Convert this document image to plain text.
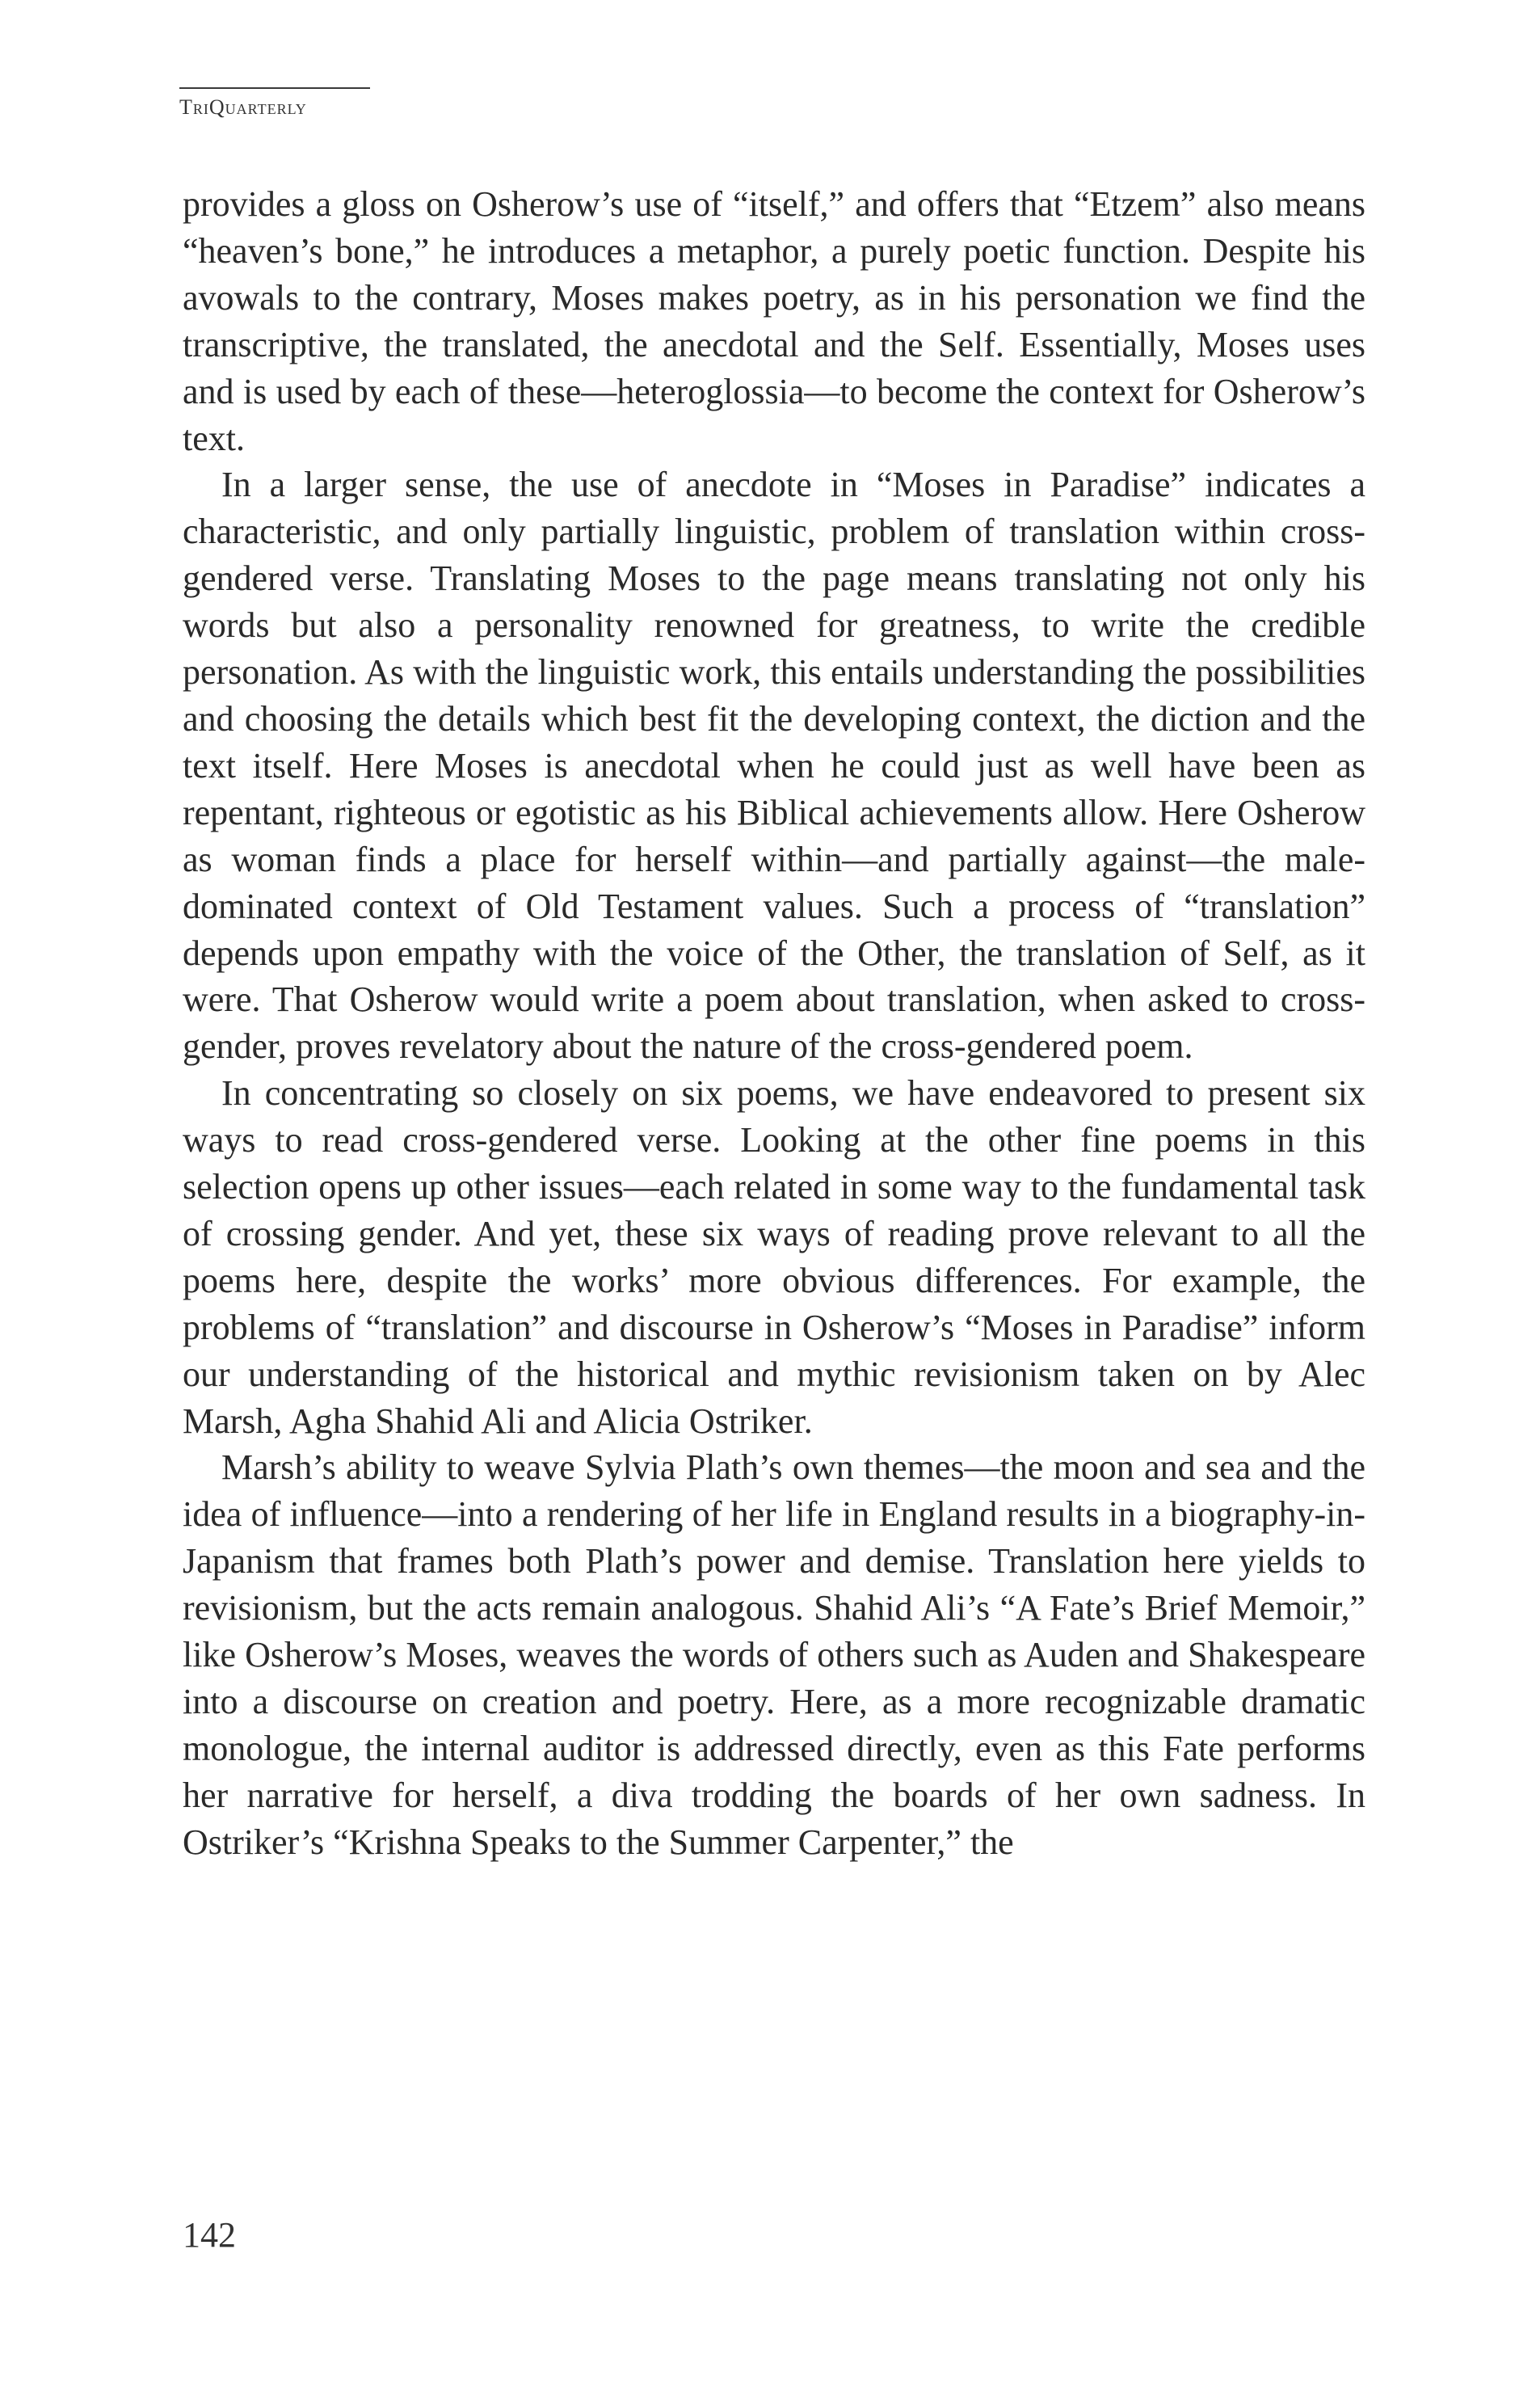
TriQuarterly

provides a gloss on Osherow’s use of “itself,” and offers that “Etzem” also means “heaven’s bone,” he introduces a metaphor, a purely poetic function. Despite his avowals to the contrary, Moses makes poetry, as in his personation we find the transcriptive, the translated, the anecdotal and the Self. Essentially, Moses uses and is used by each of these—heteroglossia—to become the context for Osherow’s text.

In a larger sense, the use of anecdote in “Moses in Paradise” indicates a characteristic, and only partially linguistic, problem of translation within cross-gendered verse. Translating Moses to the page means translating not only his words but also a personality renowned for greatness, to write the credible personation. As with the linguistic work, this entails understanding the possibilities and choosing the details which best fit the developing context, the diction and the text itself. Here Moses is anecdotal when he could just as well have been as repentant, righteous or egotistic as his Biblical achievements allow. Here Osherow as woman finds a place for herself within—and partially against—the male-dominated context of Old Testament values. Such a process of “translation” depends upon empathy with the voice of the Other, the translation of Self, as it were. That Osherow would write a poem about translation, when asked to cross-gender, proves revelatory about the nature of the cross-gendered poem.

In concentrating so closely on six poems, we have endeavored to present six ways to read cross-gendered verse. Looking at the other fine poems in this selection opens up other issues—each related in some way to the fundamental task of crossing gender. And yet, these six ways of reading prove relevant to all the poems here, despite the works’ more obvious differences. For example, the problems of “translation” and discourse in Osherow’s “Moses in Paradise” inform our understanding of the historical and mythic revisionism taken on by Alec Marsh, Agha Shahid Ali and Alicia Ostriker.

Marsh’s ability to weave Sylvia Plath’s own themes—the moon and sea and the idea of influence—into a rendering of her life in England results in a biography-in-Japanism that frames both Plath’s power and demise. Translation here yields to revisionism, but the acts remain analogous. Shahid Ali’s “A Fate’s Brief Memoir,” like Osherow’s Moses, weaves the words of others such as Auden and Shakespeare into a discourse on creation and poetry. Here, as a more recognizable dramatic monologue, the internal auditor is addressed directly, even as this Fate performs her narrative for herself, a diva trodding the boards of her own sadness. In Ostriker’s “Krishna Speaks to the Summer Carpenter,” the

142
